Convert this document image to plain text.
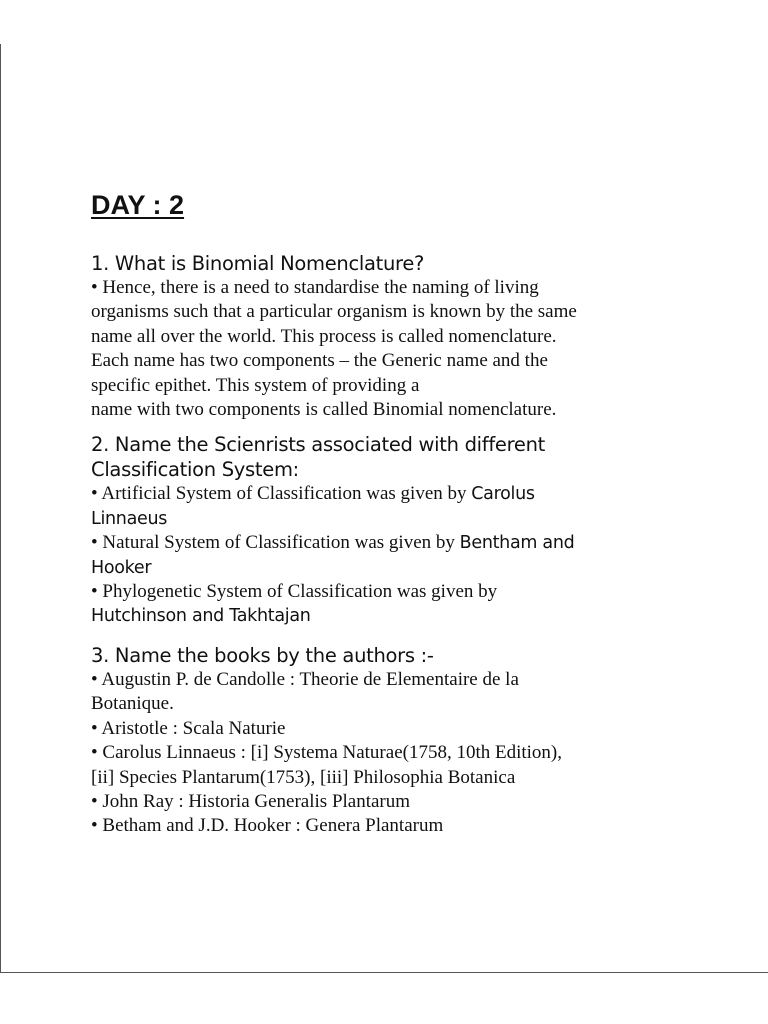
DAY : 2
1. What is Binomial Nomenclature?

• Hence, there is a need to standardise the naming of living
organisms such that a particular organism is known by the same
name all over the world. This process is called nomenclature.
Each name has two components – the Generic name and the
specific epithet. This system of providing a
name with two components is called Binomial nomenclature.

2. Name the Scienrists associated with different
Classification System:
• Artificial System of Classification was given by Carolus
Linnaeus
• Natural System of Classification was given by Bentham and
Hooker
• Phylogenetic System of Classification was given by
Hutchinson and Takhtajan
3. Name the books by the authors :-

• Augustin P. de Candolle : Theorie de Elementaire de la
Botanique.
• Aristotle : Scala Naturie
• Carolus Linnaeus : [i] Systema Naturae(1758, 10th Edition),
[ii] Species Plantarum(1753), [iii] Philosophia Botanica
• John Ray : Historia Generalis Plantarum
• Betham and J.D. Hooker : Genera Plantarum
